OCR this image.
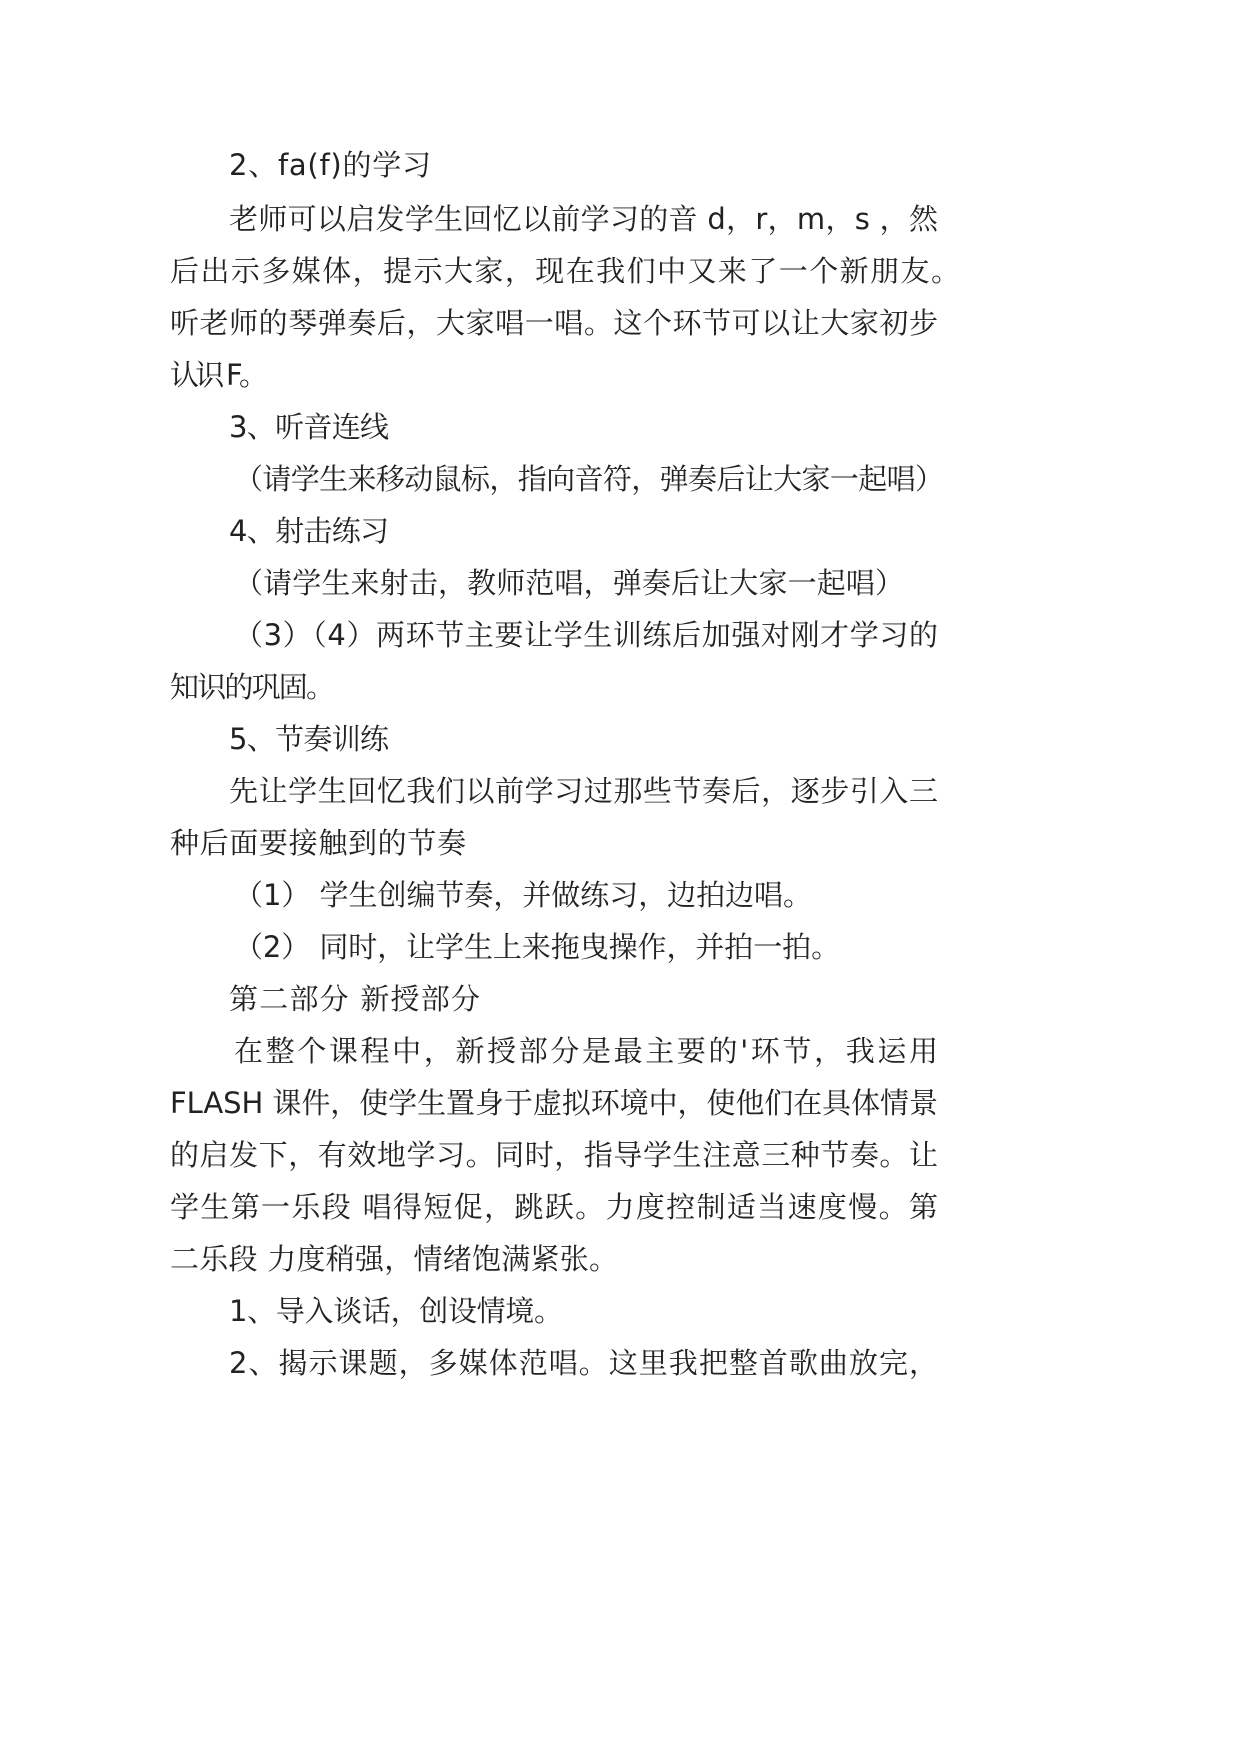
2、fa(f)的学习

老师可以启发学生回忆以前学习的音 d，r，m，s ，然

后出示多媒体，提示大家，现在我们中又来了一个新朋友。

听老师的琴弹奏后，大家唱一唱。这个环节可以让大家初步

认识 F。

3、听音连线

（请学生来移动鼠标，指向音符，弹奏后让大家一起唱）

4、射击练习

（请学生来射击，教师范唱，弹奏后让大家一起唱）

（3）（4）两环节主要让学生训练后加强对刚才学习的

知识的巩固。

5、节奏训练

先让学生回忆我们以前学习过那些节奏后，逐步引入三

种后面要接触到的节奏

（1） 学生创编节奏，并做练习，边拍边唱。

（2） 同时，让学生上来拖曳操作，并拍一拍。

第二部分 新授部分

在整个课程中，新授部分是最主要的'环节，我运用

FLASH 课件，使学生置身于虚拟环境中，使他们在具体情景

的启发下，有效地学习。同时，指导学生注意三种节奏。让

学生第一乐段 唱得短促，跳跃。力度控制适当速度慢。第

二乐段 力度稍强，情绪饱满紧张。

1、导入谈话，创设情境。

2、揭示课题，多媒体范唱。这里我把整首歌曲放完，
